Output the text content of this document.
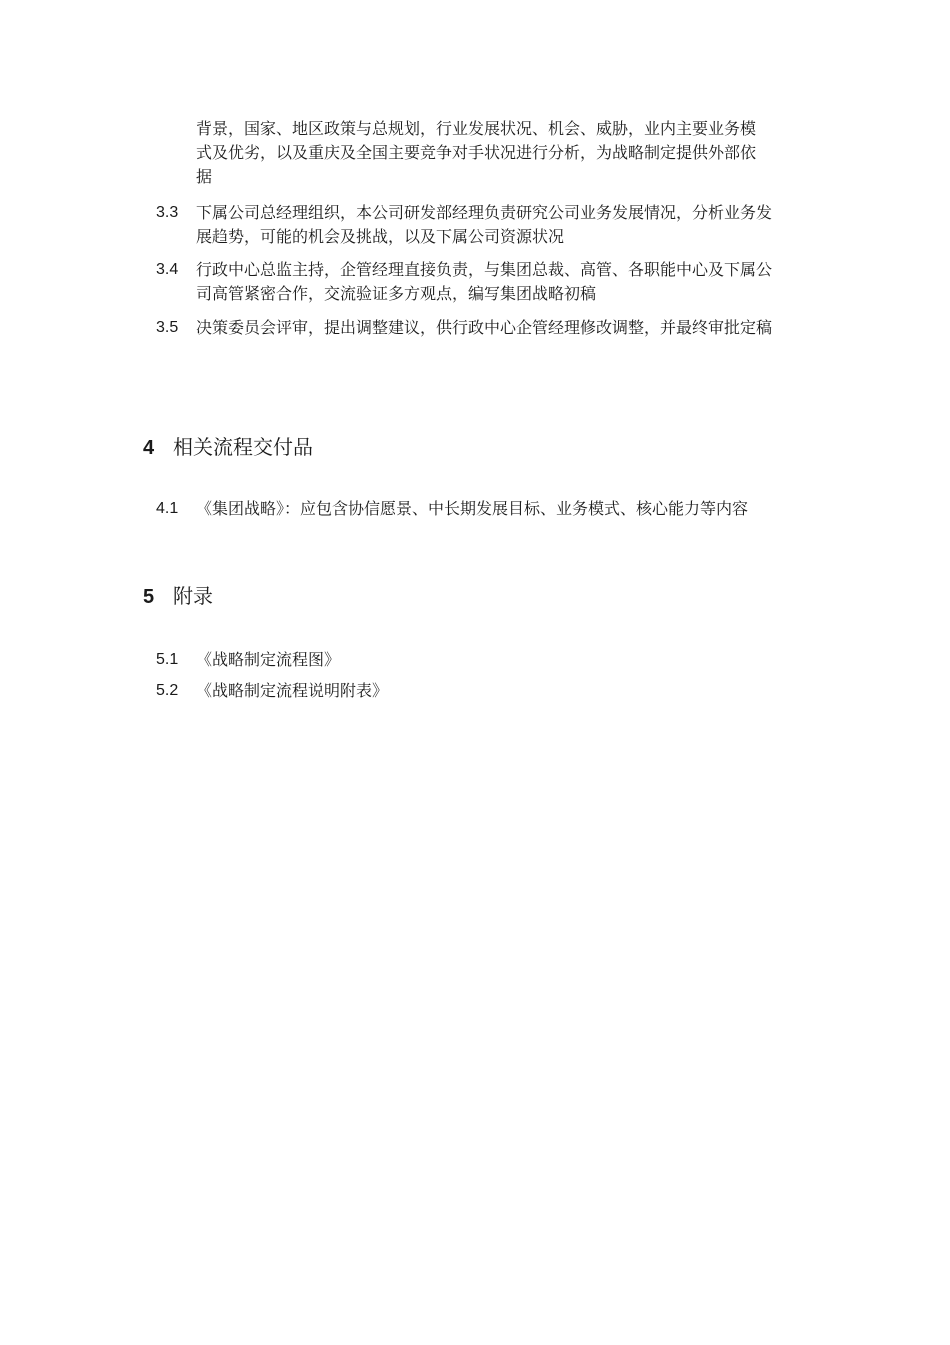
背景，国家、地区政策与总规划，行业发展状况、机会、威胁，业内主要业务模式及优劣，以及重庆及全国主要竞争对手状况进行分析，为战略制定提供外部依据
3.3	下属公司总经理组织，本公司研发部经理负责研究公司业务发展情况，分析业务发展趋势，可能的机会及挑战，以及下属公司资源状况
3.4	行政中心总监主持，企管经理直接负责，与集团总裁、高管、各职能中心及下属公司高管紧密合作，交流验证多方观点，编写集团战略初稿
3.5	决策委员会评审，提出调整建议，供行政中心企管经理修改调整，并最终审批定稿
4 相关流程交付品
4.1	《集团战略》：应包含协信愿景、中长期发展目标、业务模式、核心能力等内容
5 附录
5.1	《战略制定流程图》
5.2	《战略制定流程说明附表》
